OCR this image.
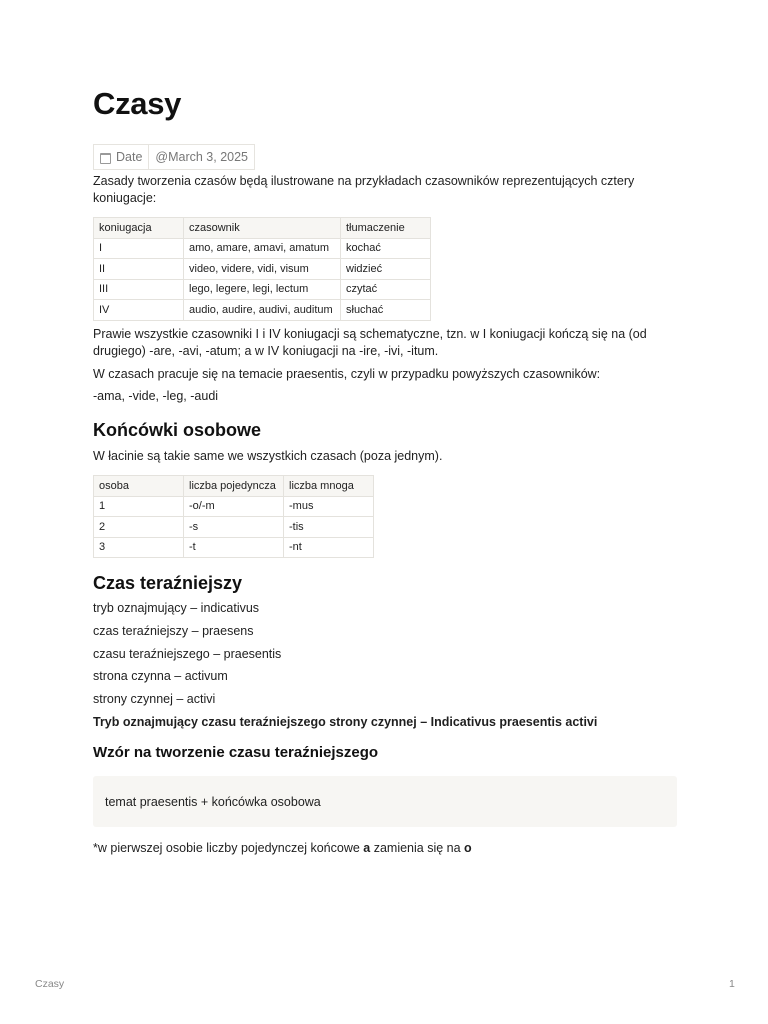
Czasy
Date	@March 3, 2025

Zasady tworzenia czasów będą ilustrowane na przykładach czasowników reprezentujących cztery koniugacje:

koniugacja	czasownik	tłumaczenie
I	amo, amare, amavi, amatum	kochać
II	video, videre, vidi, visum	widzieć
III	lego, legere, legi, lectum	czytać
IV	audio, audire, audivi, auditum	słuchać

Prawie wszystkie czasowniki I i IV koniugacji są schematyczne, tzn. w I koniugacji kończą się na (od drugiego) -are, -avi, -atum; a w IV koniugacji na -ire, -ivi, -itum.

W czasach pracuje się na temacie praesentis, czyli w przypadku powyższych czasowników:

-ama, -vide, -leg, -audi

Końcówki osobowe

W łacinie są takie same we wszystkich czasach (poza jednym).

osoba	liczba pojedyncza	liczba mnoga
1	-o/-m	-mus
2	-s	-tis
3	-t	-nt
Czas teraźniejszy

tryb oznajmujący – indicativus

czas teraźniejszy – praesens

czasu teraźniejszego – praesentis

strona czynna – activum

strony czynnej – activi

Tryb oznajmujący czasu teraźniejszego strony czynnej – Indicativus praesentis activi

Wzór na tworzenie czasu teraźniejszego
temat praesentis + końcówka osobowa

*w pierwszej osobie liczby pojedynczej końcowe a zamienia się na o

Czasy	1
